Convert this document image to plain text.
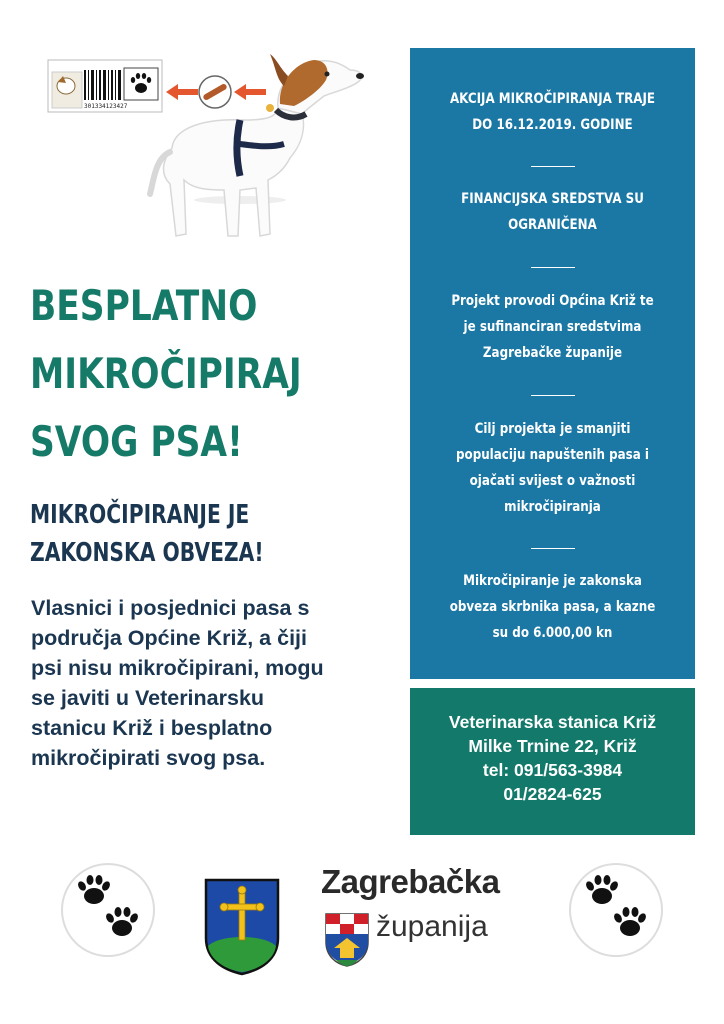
301334123427
BESPLATNO
MIKROČIPIRAJ
SVOG PSA!
MIKROČIPIRANJE JE
ZAKONSKA OBVEZA!
Vlasnici i posjednici pasa s
područja Općine Križ, a čiji
psi nisu mikročipirani, mogu
se javiti u Veterinarsku
stanicu Križ i besplatno
mikročipirati svog psa.
AKCIJA MIKROČIPIRANJA TRAJE
DO 16.12.2019. GODINE
FINANCIJSKA SREDSTVA SU
OGRANIČENA
Projekt provodi Općina Križ te
je sufinanciran sredstvima
Zagrebačke županije
Cilj projekta je smanjiti
populaciju napuštenih pasa i
ojačati svijest o važnosti
mikročipiranja
Mikročipiranje je zakonska
obveza skrbnika pasa, a kazne
su do 6.000,00 kn
Veterinarska stanica Križ
Milke Trnine 22, Križ
tel: 091/563-3984
01/2824-625
Zagrebačka
županija
